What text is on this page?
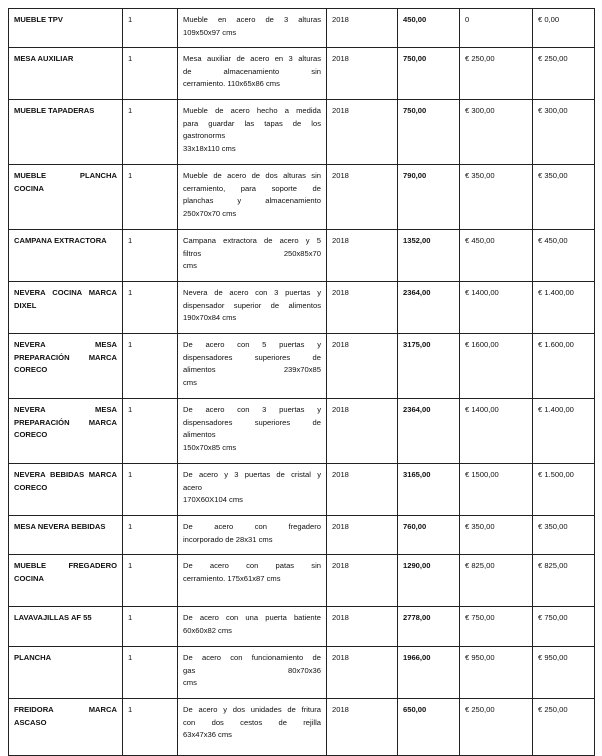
MUEBLE TPV	1	Mueble en acero de 3 alturas
109x50x97 cms	2018	450,00	0	€ 0,00
MESA AUXILIAR	1	Mesa auxiliar de acero en 3 alturas
de almacenamiento sin
cerramiento. 110x65x86 cms	2018	750,00	€ 250,00	€ 250,00
MUEBLE TAPADERAS	1	Mueble de acero hecho a medida
para guardar las tapas de los
gastronorms
33x18x110 cms	2018	750,00	€ 300,00	€ 300,00
MUEBLE PLANCHA COCINA	1	Mueble de acero de dos alturas sin
cerramiento, para soporte de
planchas y almacenamiento
250x70x70 cms	2018	790,00	€ 350,00	€ 350,00
CAMPANA EXTRACTORA	1	Campana extractora de acero y 5
filtros 250x85x70
cms	2018	1352,00	€ 450,00	€ 450,00
NEVERA COCINA MARCA DIXEL	1	Nevera de acero con 3 puertas y
dispensador superior de alimentos
190x70x84 cms	2018	2364,00	€ 1400,00	€ 1.400,00
NEVERA MESA PREPARACIÓN MARCA CORECO	1	De acero con 5 puertas y
dispensadores superiores de
alimentos 239x70x85
cms	2018	3175,00	€ 1600,00	€ 1.600,00
NEVERA MESA PREPARACIÓN MARCA CORECO	1	De acero con 3 puertas y
dispensadores superiores de
alimentos
150x70x85 cms	2018	2364,00	€ 1400,00	€ 1.400,00
NEVERA BEBIDAS MARCA CORECO	1	De acero y 3 puertas de cristal y
acero
170X60X104 cms	2018	3165,00	€ 1500,00	€ 1.500,00
MESA NEVERA BEBIDAS	1	De acero con fregadero
incorporado de 28x31 cms	2018	760,00	€ 350,00	€ 350,00
MUEBLE FREGADERO COCINA	1	De acero con patas sin
cerramiento. 175x61x87 cms	2018	1290,00	€ 825,00	€ 825,00
LAVAVAJILLAS AF 55	1	De acero con una puerta batiente
60x60x82 cms	2018	2778,00	€ 750,00	€ 750,00
PLANCHA	1	De acero con funcionamiento de
gas 80x70x36
cms	2018	1966,00	€ 950,00	€ 950,00
FREIDORA MARCA ASCASO	1	De acero y dos unidades de fritura
con dos cestos de rejilla
63x47x36 cms	2018	650,00	€ 250,00	€ 250,00
